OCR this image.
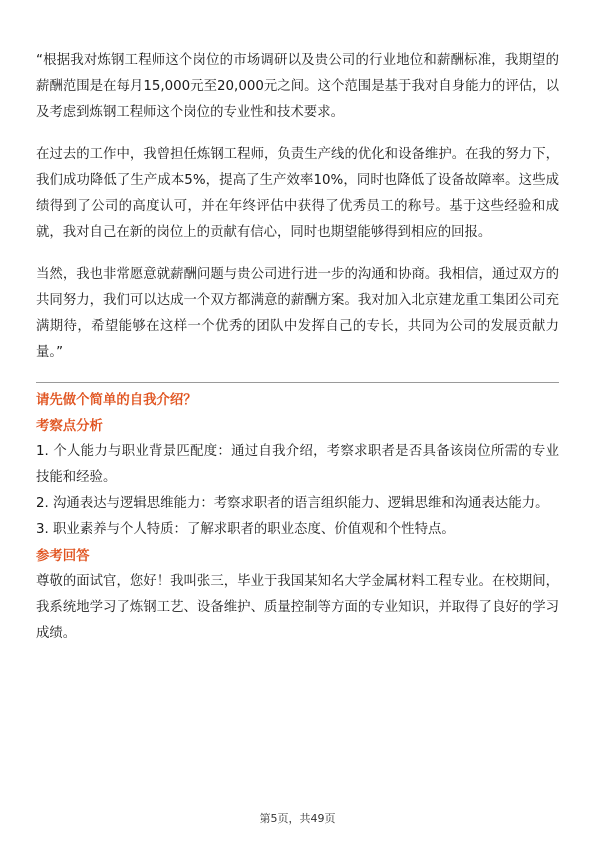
“根据我对炼钢工程师这个岗位的市场调研以及贵公司的行业地位和薪酬标准，我期望的薪酬范围是在每月15,000元至20,000元之间。这个范围是基于我对自身能力的评估，以及考虑到炼钢工程师这个岗位的专业性和技术要求。

在过去的工作中，我曾担任炼钢工程师，负责生产线的优化和设备维护。在我的努力下，我们成功降低了生产成本5%，提高了生产效率10%，同时也降低了设备故障率。这些成绩得到了公司的高度认可，并在年终评估中获得了优秀员工的称号。基于这些经验和成就，我对自己在新的岗位上的贡献有信心，同时也期望能够得到相应的回报。

当然，我也非常愿意就薪酬问题与贵公司进行进一步的沟通和协商。我相信，通过双方的共同努力，我们可以达成一个双方都满意的薪酬方案。我对加入北京建龙重工集团公司充满期待，希望能够在这样一个优秀的团队中发挥自己的专长，共同为公司的发展贡献力量。”

请先做个简单的自我介绍？

考察点分析

1. 个人能力与职业背景匹配度：通过自我介绍，考察求职者是否具备该岗位所需的专业技能和经验。

2. 沟通表达与逻辑思维能力：考察求职者的语言组织能力、逻辑思维和沟通表达能力。

3. 职业素养与个人特质：了解求职者的职业态度、价值观和个性特点。

参考回答

尊敬的面试官，您好！我叫张三，毕业于我国某知名大学金属材料工程专业。在校期间，我系统地学习了炼钢工艺、设备维护、质量控制等方面的专业知识，并取得了良好的学习成绩。

第5页，共49页
